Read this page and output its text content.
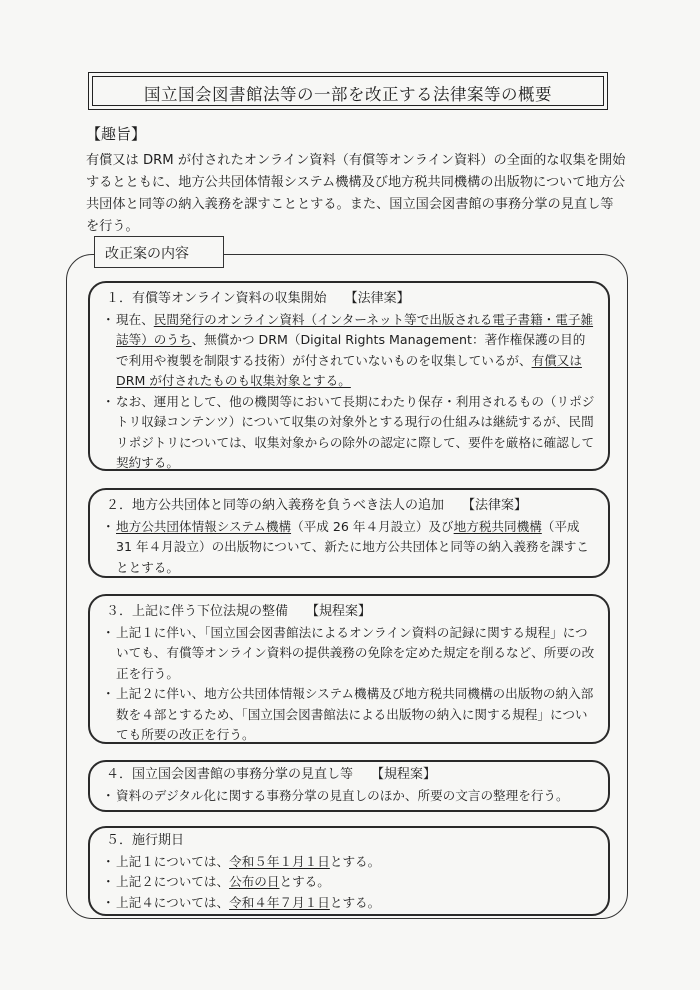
国立国会図書館法等の一部を改正する法律案等の概要
【趣旨】
有償又は DRM が付されたオンライン資料（有償等オンライン資料）の全面的な収集を開始するとともに、地方公共団体情報システム機構及び地方税共同機構の出版物について地方公共団体と同等の納入義務を課すこととする。また、国立国会図書館の事務分掌の見直し等を行う。
改正案の内容
１．有償等オンライン資料の収集開始 【法律案】
・ 現在、民間発行のオンライン資料（インターネット等で出版される電子書籍・電子雑誌等）のうち、無償かつ DRM（Digital Rights Management：著作権保護の目的で利用や複製を制限する技術）が付されていないものを収集しているが、有償又は DRM が付されたものも収集対象とする。
・ なお、運用として、他の機関等において長期にわたり保存・利用されるもの（リポジトリ収録コンテンツ）について収集の対象外とする現行の仕組みは継続するが、民間リポジトリについては、収集対象からの除外の認定に際して、要件を厳格に確認して契約する。
２．地方公共団体と同等の納入義務を負うべき法人の追加 【法律案】
・ 地方公共団体情報システム機構（平成 26 年４月設立）及び地方税共同機構（平成 31 年４月設立）の出版物について、新たに地方公共団体と同等の納入義務を課すこととする。
３．上記に伴う下位法規の整備 【規程案】
・ 上記１に伴い、「国立国会図書館法によるオンライン資料の記録に関する規程」についても、有償等オンライン資料の提供義務の免除を定めた規定を削るなど、所要の改正を行う。
・ 上記２に伴い、地方公共団体情報システム機構及び地方税共同機構の出版物の納入部数を４部とするため、「国立国会図書館法による出版物の納入に関する規程」についても所要の改正を行う。
４．国立国会図書館の事務分掌の見直し等 【規程案】
・ 資料のデジタル化に関する事務分掌の見直しのほか、所要の文言の整理を行う。
５．施行期日
・ 上記１については、令和５年１月１日とする。
・ 上記２については、公布の日とする。
・ 上記４については、令和４年７月１日とする。
